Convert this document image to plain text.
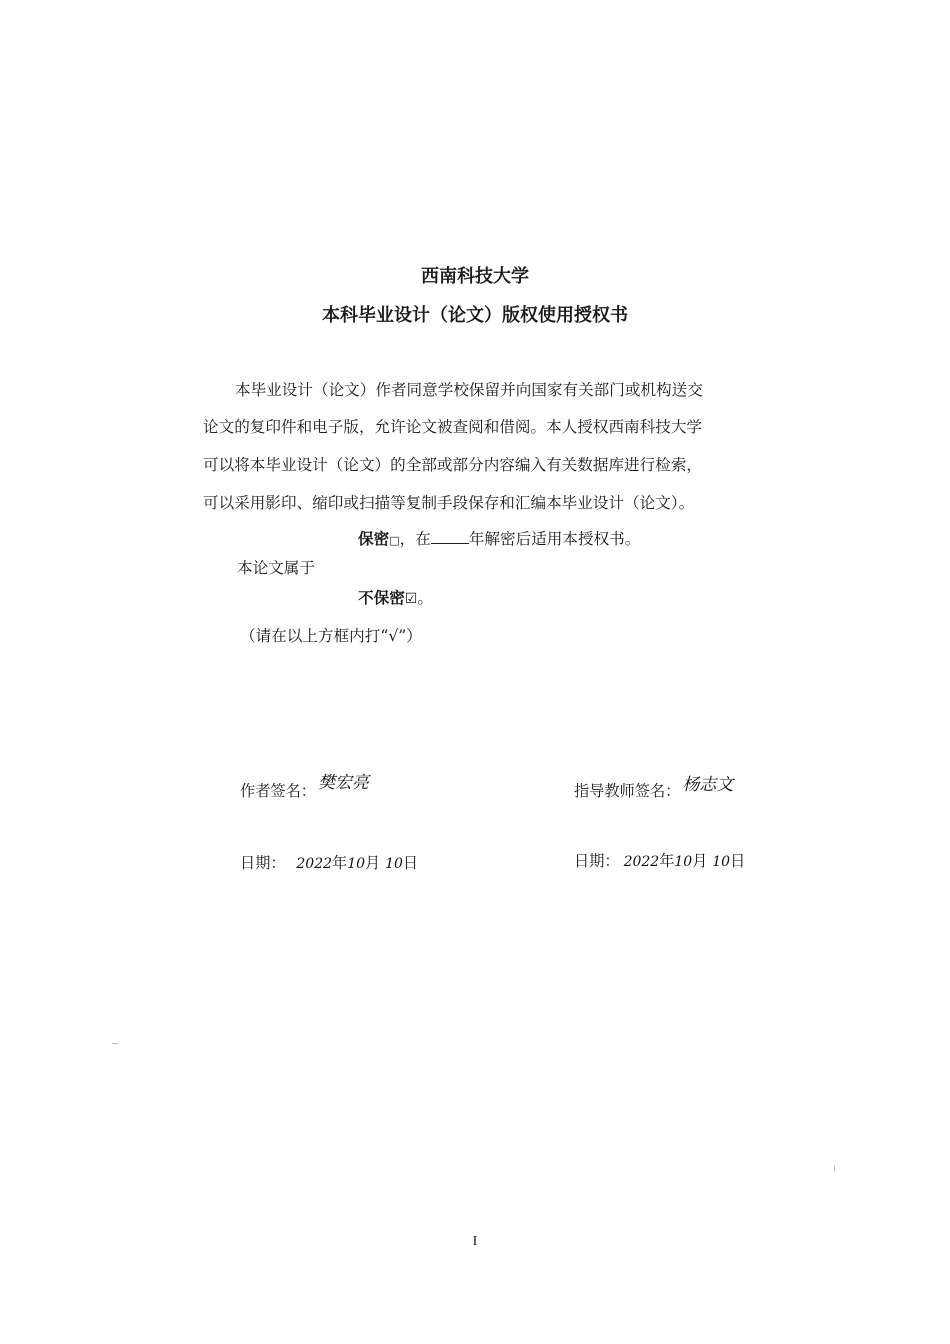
西南科技大学
本科毕业设计（论文）版权使用授权书
本毕业设计（论文）作者同意学校保留并向国家有关部门或机构送交
论文的复印件和电子版，允许论文被查阅和借阅。本人授权西南科技大学
可以将本毕业设计（论文）的全部或部分内容编入有关数据库进行检索，
可以采用影印、缩印或扫描等复制手段保存和汇编本毕业设计（论文）。
保密□，在 年解密后适用本授权书。
本论文属于
不保密☑。
（请在以上方框内打“√”）
作者签名： 樊宏亮	指导教师签名： 杨志文
日期： 2022年10月 10日	日期： 2022年10月 10日
I
